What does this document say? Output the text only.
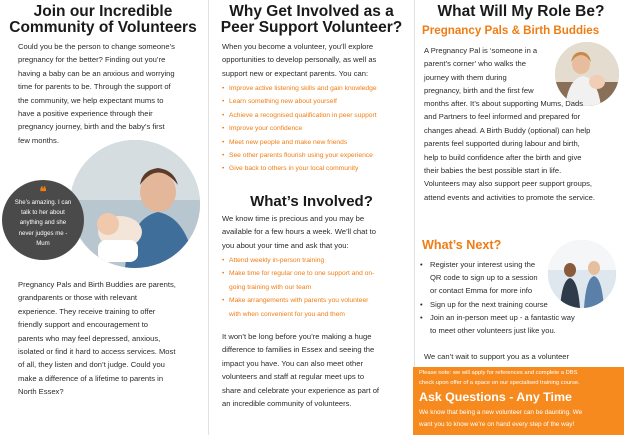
Join our Incredible
Community of Volunteers

Could you be the person to change someone’s

pregnancy for the better? Finding out you’re

having a baby can be an anxious and worrying

time for parents to be. Through the support of

the community, we help expectant mums to

have a positive experience through their

pregnancy journey, birth and the baby’s first

few months.

❝
She’s amazing. I can
talk to her about
anything and she
never judges me -
Mum

Pregnancy Pals and Birth Buddies are parents,

grandparents or those with relevant

experience. They receive training to offer

friendly support and encouragement to

parents who may feel depressed, anxious,

isolated or find it hard to access services. Most

of all, they listen and don’t judge. Could you

make a difference of a lifetime to parents in

North Essex?

Why Get Involved as a
Peer Support Volunteer?

When you become a volunteer, you’ll explore

opportunities to develop personally, as well as

support new or expectant parents. You can:

• Improve active listening skills and gain knowledge
• Learn something new about yourself
• Achieve a recognised qualification in peer support
• Improve your confidence
• Meet new people and make new friends
• See other parents flourish using your experience
• Give back to others in your local community
What’s Involved?

We know time is precious and you may be

available for a few hours a week. We’ll chat to

you about your time and ask that you:

• Attend weekly in-person training
• Make time for regular one to one support and on-
going training with our team
• Make arrangements with parents you volunteer
with when convenient for you and them

It won’t be long before you’re making a huge

difference to families in Essex and seeing the

impact you have. You can also meet other

volunteers and staff at regular meet ups to

share and celebrate your experience as part of

an incredible community of volunteers.

What Will My Role Be?
Pregnancy Pals & Birth Buddies

A Pregnancy Pal is ‘someone in a

parent’s corner’ who walks the

journey with them during

pregnancy, birth and the first few

months after. It’s about supporting Mums, Dads

and Partners to feel informed and prepared for

changes ahead. A Birth Buddy (optional) can help

parents feel supported during labour and birth,

help to build confidence after the birth and give

their babies the best possible start in life.

Volunteers may also support peer support groups,

attend events and activities to promote the service.

What’s Next?
• Register your interest using the
QR code to sign up to a session
or contact Emma for more info
• Sign up for the next training course
• Join an in-person meet up - a fantastic way
to meet other volunteers just like you.

We can’t wait to support you as a volunteer

Please note: we will apply for references and complete a DBS
check upon offer of a space on our specialised training course.
Ask Questions - Any Time
We know that being a new volunteer can be daunting. We
want you to know we’re on hand every step of the way!
